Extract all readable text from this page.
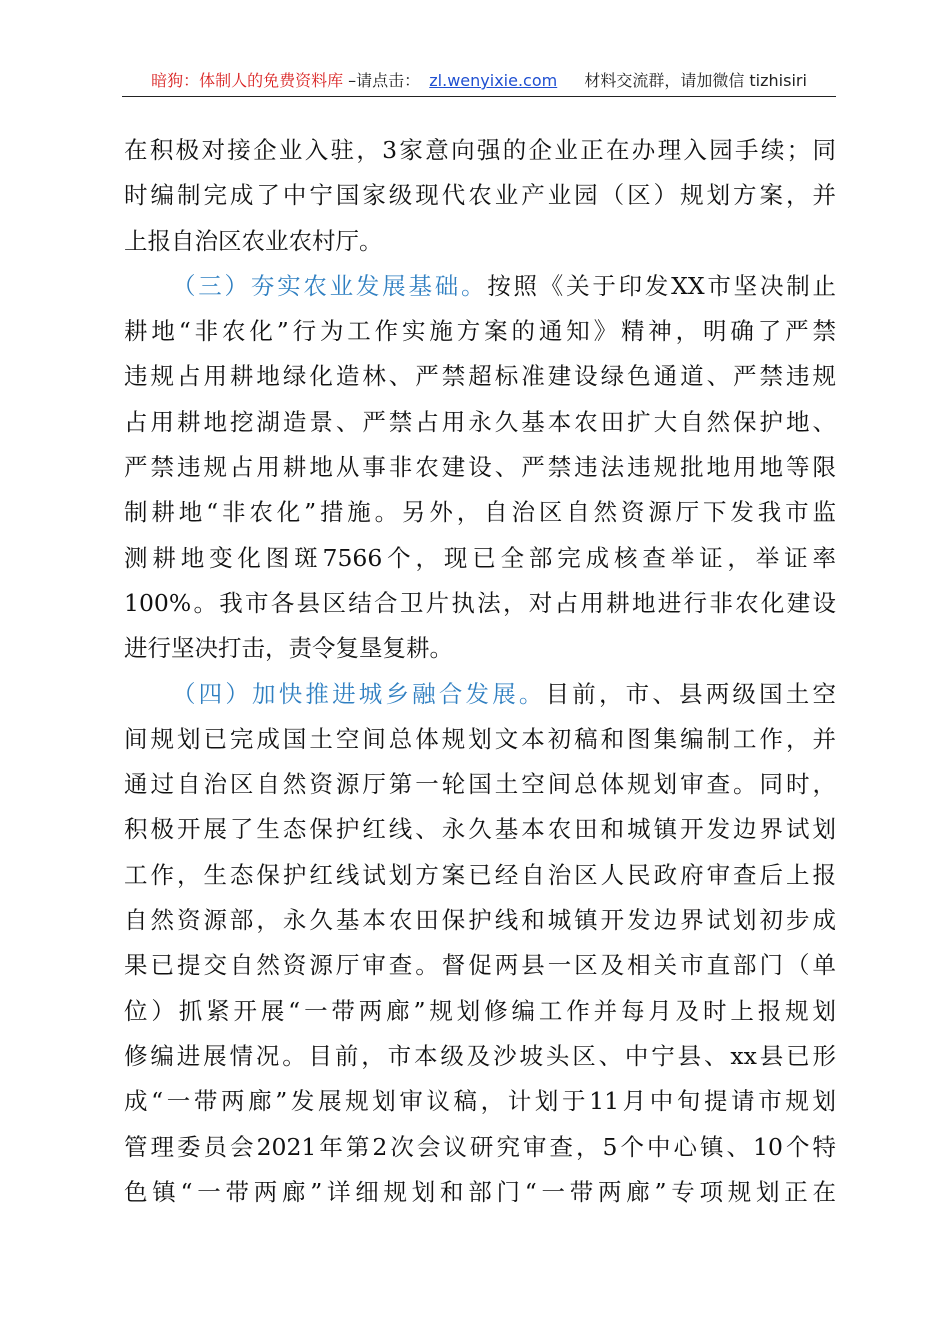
暗狗：体制人的免费资料库 –请点击： zl.wenyixie.com 材料交流群，请加微信 tizhisiri
在积极对接企业入驻，3家意向强的企业正在办理入园手续；同
时编制完成了中宁国家级现代农业产业园（区）规划方案，并
上报自治区农业农村厅。
（三）夯实农业发展基础。按照《关于印发XX市坚决制止
耕地“非农化”行为工作实施方案的通知》精神，明确了严禁
违规占用耕地绿化造林、严禁超标准建设绿色通道、严禁违规
占用耕地挖湖造景、严禁占用永久基本农田扩大自然保护地、
严禁违规占用耕地从事非农建设、严禁违法违规批地用地等限
制耕地“非农化”措施。另外，自治区自然资源厅下发我市监
测耕地变化图斑7566个，现已全部完成核查举证，举证率
100%。我市各县区结合卫片执法，对占用耕地进行非农化建设
进行坚决打击，责令复垦复耕。
（四）加快推进城乡融合发展。目前，市、县两级国土空
间规划已完成国土空间总体规划文本初稿和图集编制工作，并
通过自治区自然资源厅第一轮国土空间总体规划审查。同时，
积极开展了生态保护红线、永久基本农田和城镇开发边界试划
工作，生态保护红线试划方案已经自治区人民政府审查后上报
自然资源部，永久基本农田保护线和城镇开发边界试划初步成
果已提交自然资源厅审查。督促两县一区及相关市直部门（单
位）抓紧开展“一带两廊”规划修编工作并每月及时上报规划
修编进展情况。目前，市本级及沙坡头区、中宁县、xx县已形
成“一带两廊”发展规划审议稿，计划于11月中旬提请市规划
管理委员会2021年第2次会议研究审查，5个中心镇、10个特
色镇“一带两廊”详细规划和部门“一带两廊”专项规划正在
